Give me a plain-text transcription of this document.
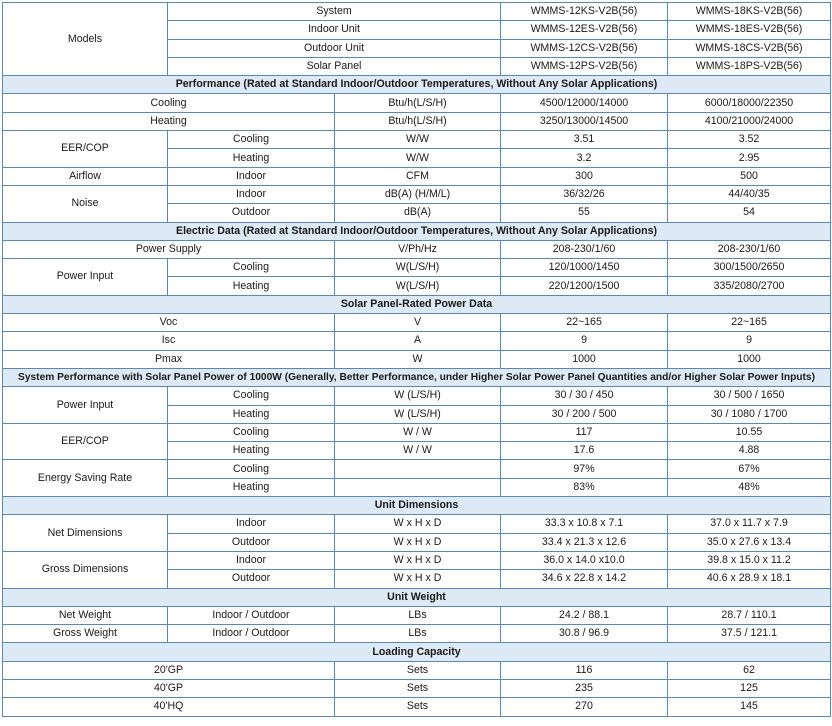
Models	System		WMMS-12KS-V2B(56)	WMMS-18KS-V2B(56)
	Indoor Unit		WMMS-12ES-V2B(56)	WMMS-18ES-V2B(56)
	Outdoor Unit		WMMS-12CS-V2B(56)	WMMS-18CS-V2B(56)
	Solar Panel		WMMS-12PS-V2B(56)	WMMS-18PS-V2B(56)
Performance (Rated at Standard Indoor/Outdoor Temperatures, Without Any Solar Applications)				
Cooling		Btu/h(L/S/H)	4500/12000/14000	6000/18000/22350
Heating		Btu/h(L/S/H)	3250/13000/14500	4100/21000/24000
EER/COP	Cooling	W/W	3.51	3.52
	Heating	W/W	3.2	2.95
Airflow	Indoor	CFM	300	500
Noise	Indoor	dB(A) (H/M/L)	36/32/26	44/40/35
	Outdoor	dB(A)	55	54
Electric Data (Rated at Standard Indoor/Outdoor Temperatures, Without Any Solar Applications)				
Power Supply		V/Ph/Hz	208-230/1/60	208-230/1/60
Power Input	Cooling	W(L/S/H)	120/1000/1450	300/1500/2650
	Heating	W(L/S/H)	220/1200/1500	335/2080/2700
Solar Panel-Rated Power Data				
Voc		V	22~165	22~165
Isc		A	9	9
Pmax		W	1000	1000
System Performance with Solar Panel Power of 1000W (Generally, Better Performance, under Higher Solar Power Panel Quantities and/or Higher Solar Power Inputs)				
Power Input	Cooling	W (L/S/H)	30 / 30 / 450	30 / 500 / 1650
	Heating	W (L/S/H)	30 / 200 / 500	30 / 1080 / 1700
EER/COP	Cooling	W / W	117	10.55
	Heating	W / W	17.6	4.88
Energy Saving Rate	Cooling		97%	67%
	Heating		83%	48%
Unit Dimensions				
Net Dimensions	Indoor	W x H x D	33.3 x 10.8 x 7.1	37.0 x 11.7 x 7.9
	Outdoor	W x H x D	33.4 x 21.3 x 12.6	35.0 x 27.6 x 13.4
Gross Dimensions	Indoor	W x H x D	36.0 x 14.0 x10.0	39.8 x 15.0 x 11.2
	Outdoor	W x H x D	34.6 x 22.8 x 14.2	40.6 x 28.9 x 18.1
Unit Weight				
Net Weight	Indoor / Outdoor	LBs	24.2 / 88.1	28.7 / 110.1
Gross Weight	Indoor / Outdoor	LBs	30.8 / 96.9	37.5 / 121.1
Loading Capacity				
20'GP		Sets	116	62
40'GP		Sets	235	125
40'HQ		Sets	270	145
